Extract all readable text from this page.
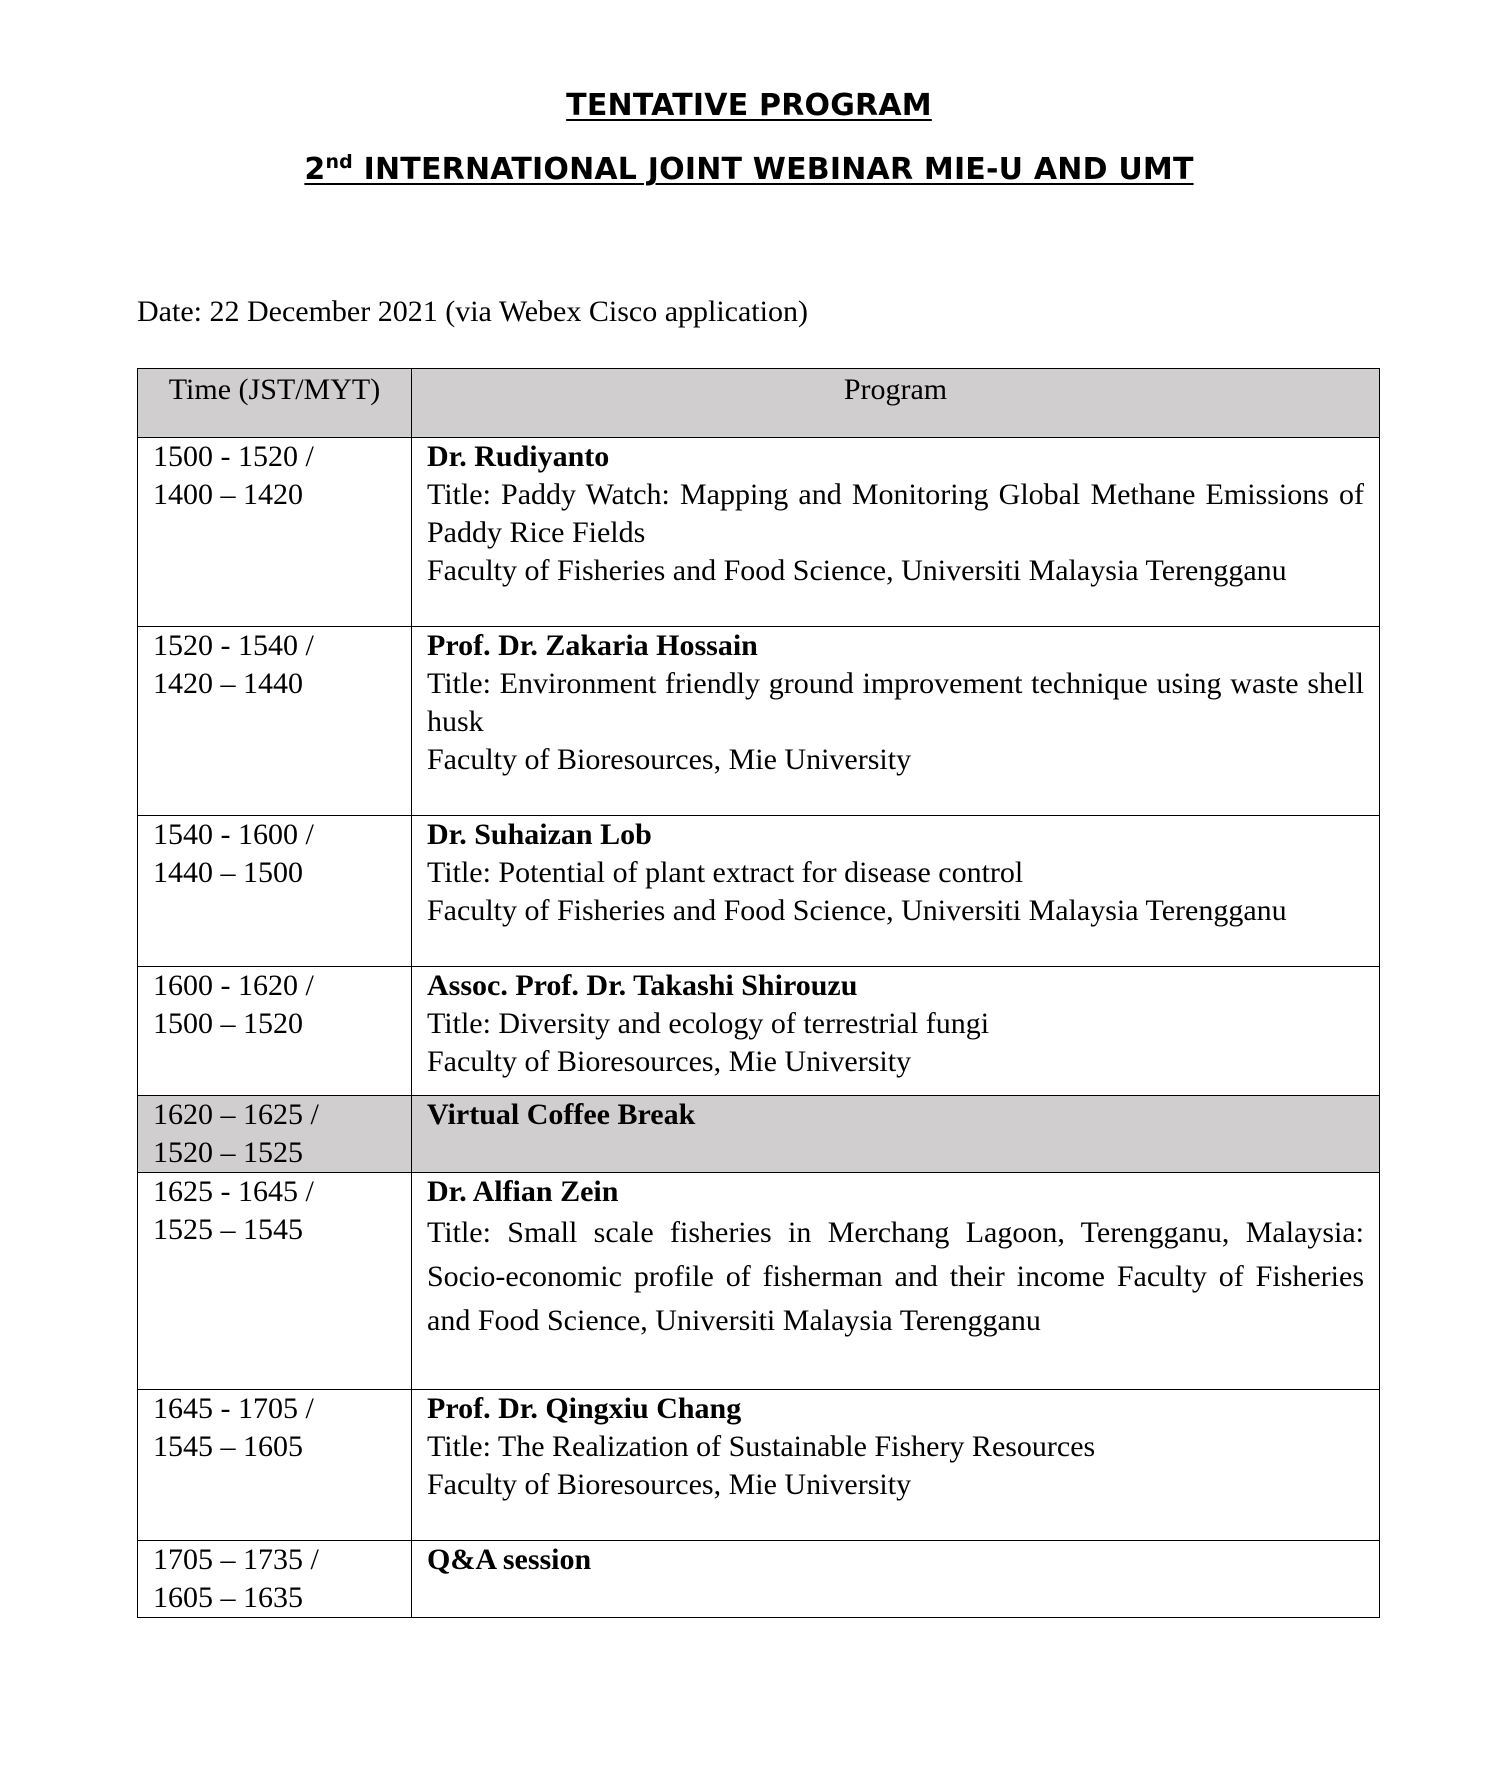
TENTATIVE PROGRAM
2nd INTERNATIONAL JOINT WEBINAR MIE-U AND UMT
Date: 22 December 2021 (via Webex Cisco application)
Time (JST/MYT)	Program

1500 - 1520 /
1400 – 1420	Dr. Rudiyanto
Title: Paddy Watch: Mapping and Monitoring Global Methane Emissions of Paddy Rice Fields
Faculty of Fisheries and Food Science, Universiti Malaysia Terengganu

1520 - 1540 /
1420 – 1440	Prof. Dr. Zakaria Hossain
Title: Environment friendly ground improvement technique using waste shell husk
Faculty of Bioresources, Mie University

1540 - 1600 /
1440 – 1500	Dr. Suhaizan Lob
Title: Potential of plant extract for disease control
Faculty of Fisheries and Food Science, Universiti Malaysia Terengganu

1600 - 1620 /
1500 – 1520	Assoc. Prof. Dr. Takashi Shirouzu
Title: Diversity and ecology of terrestrial fungi
Faculty of Bioresources, Mie University

1620 – 1625 /
1520 – 1525	Virtual Coffee Break

1625 - 1645 /
1525 – 1545	Dr. Alfian Zein
Title: Small scale fisheries in Merchang Lagoon, Terengganu, Malaysia: Socio-economic profile of fisherman and their income Faculty of Fisheries and Food Science, Universiti Malaysia Terengganu

1645 - 1705 /
1545 – 1605	Prof. Dr. Qingxiu Chang
Title: The Realization of Sustainable Fishery Resources
Faculty of Bioresources, Mie University

1705 – 1735 /
1605 – 1635	Q&A session
